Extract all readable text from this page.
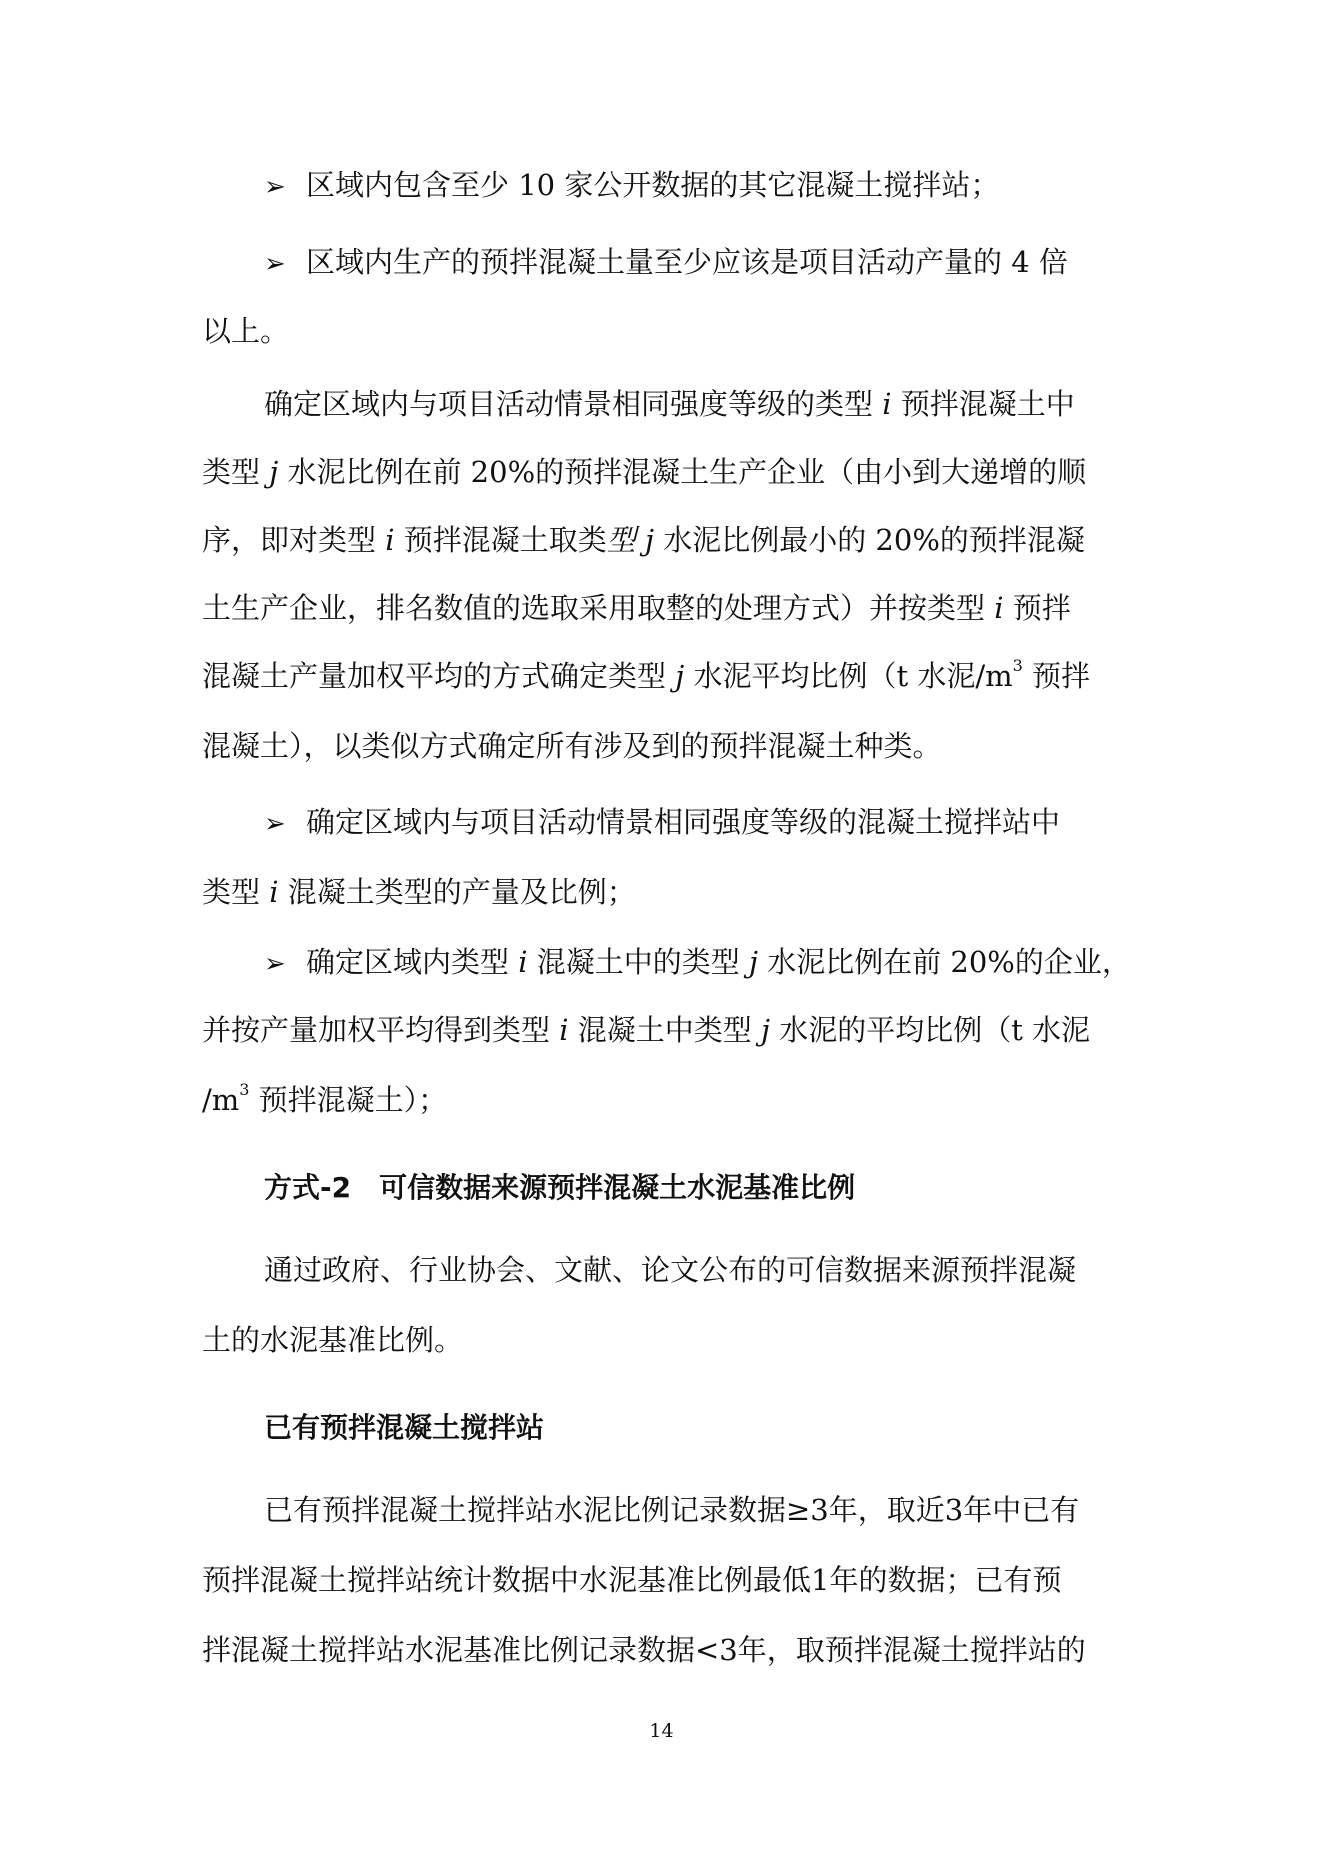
➢ 区域内包含至少 10 家公开数据的其它混凝土搅拌站；
➢ 区域内生产的预拌混凝土量至少应该是项目活动产量的 4 倍
以上。
确定区域内与项目活动情景相同强度等级的类型 i 预拌混凝土中
类型 j 水泥比例在前 20%的预拌混凝土生产企业（由小到大递增的顺
序，即对类型 i 预拌混凝土取类型 j 水泥比例最小的 20%的预拌混凝
土生产企业，排名数值的选取采用取整的处理方式）并按类型 i 预拌
混凝土产量加权平均的方式确定类型 j 水泥平均比例（t 水泥$/m^3$ 预拌
混凝土），以类似方式确定所有涉及到的预拌混凝土种类。
➢ 确定区域内与项目活动情景相同强度等级的混凝土搅拌站中
类型 i 混凝土类型的产量及比例；
➢ 确定区域内类型 i 混凝土中的类型 j 水泥比例在前 20%的企业，
并按产量加权平均得到类型 i 混凝土中类型 j 水泥的平均比例（t 水泥
$/m^3$ 预拌混凝土）；
方式-2　可信数据来源预拌混凝土水泥基准比例
通过政府、行业协会、文献、论文公布的可信数据来源预拌混凝
土的水泥基准比例。
已有预拌混凝土搅拌站
已有预拌混凝土搅拌站水泥比例记录数据≥3年，取近3年中已有
预拌混凝土搅拌站统计数据中水泥基准比例最低1年的数据；已有预
拌混凝土搅拌站水泥基准比例记录数据<3年，取预拌混凝土搅拌站的
14
